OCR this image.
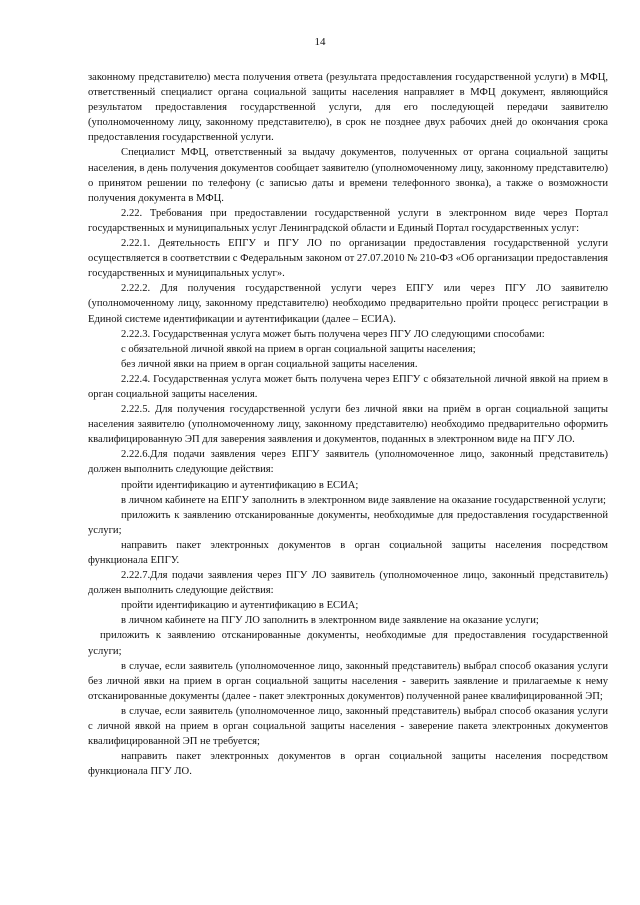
14

законному представителю) места получения ответа (результата предоставления государственной услуги) в МФЦ, ответственный специалист органа социальной защиты населения направляет в МФЦ документ, являющийся результатом предоставления государственной услуги, для его последующей передачи заявителю (уполномоченному лицу, законному представителю), в срок не позднее двух рабочих дней до окончания срока предоставления государственной услуги.

Специалист МФЦ, ответственный за выдачу документов, полученных от органа социальной защиты населения, в день получения документов сообщает заявителю (уполномоченному лицу, законному представителю) о принятом решении по телефону (с записью даты и времени телефонного звонка), а также о возможности получения документа в МФЦ.

2.22. Требования при предоставлении государственной услуги в электронном виде через Портал государственных и муниципальных услуг Ленинградской области и Единый Портал государственных услуг:

2.22.1. Деятельность ЕПГУ и ПГУ ЛО по организации предоставления государственной услуги осуществляется в соответствии с Федеральным законом от 27.07.2010 № 210-ФЗ «Об организации предоставления государственных и муниципальных услуг».

2.22.2. Для получения государственной услуги через ЕПГУ или через ПГУ ЛО заявителю (уполномоченному лицу, законному представителю) необходимо предварительно пройти процесс регистрации в Единой системе идентификации и аутентификации (далее – ЕСИА).

2.22.3. Государственная услуга может быть получена через ПГУ ЛО следующими способами:

с обязательной личной явкой на прием в орган социальной защиты населения;

без личной явки на прием в орган социальной защиты населения.

2.22.4. Государственная услуга может быть получена через ЕПГУ с обязательной личной явкой на прием в орган социальной защиты населения.

2.22.5. Для получения государственной услуги без личной явки на приём в орган социальной защиты населения заявителю (уполномоченному лицу, законному представителю) необходимо предварительно оформить квалифицированную ЭП для заверения заявления и документов, поданных в электронном виде на ПГУ ЛО.

2.22.6.Для подачи заявления через ЕПГУ заявитель (уполномоченное лицо, законный представитель) должен выполнить следующие действия:

пройти идентификацию и аутентификацию в ЕСИА;

в личном кабинете на ЕПГУ заполнить в электронном виде заявление на оказание государственной услуги;

приложить к заявлению отсканированные документы, необходимые для предоставления государственной услуги;

направить пакет электронных документов в орган социальной защиты населения посредством функционала ЕПГУ.

2.22.7.Для подачи заявления через ПГУ ЛО заявитель (уполномоченное лицо, законный представитель) должен выполнить следующие действия:

пройти идентификацию и аутентификацию в ЕСИА;

в личном кабинете на ПГУ ЛО заполнить в электронном виде заявление на оказание услуги;

приложить к заявлению отсканированные документы, необходимые для предоставления государственной услуги;

в случае, если заявитель (уполномоченное лицо, законный представитель) выбрал способ оказания услуги без личной явки на прием в орган социальной защиты населения - заверить заявление и прилагаемые к нему отсканированные документы (далее - пакет электронных документов) полученной ранее квалифицированной ЭП;

в случае, если заявитель (уполномоченное лицо, законный представитель) выбрал способ оказания услуги с личной явкой на прием в орган социальной защиты населения - заверение пакета электронных документов квалифицированной ЭП не требуется;

направить пакет электронных документов в орган социальной защиты населения посредством функционала ПГУ ЛО.
